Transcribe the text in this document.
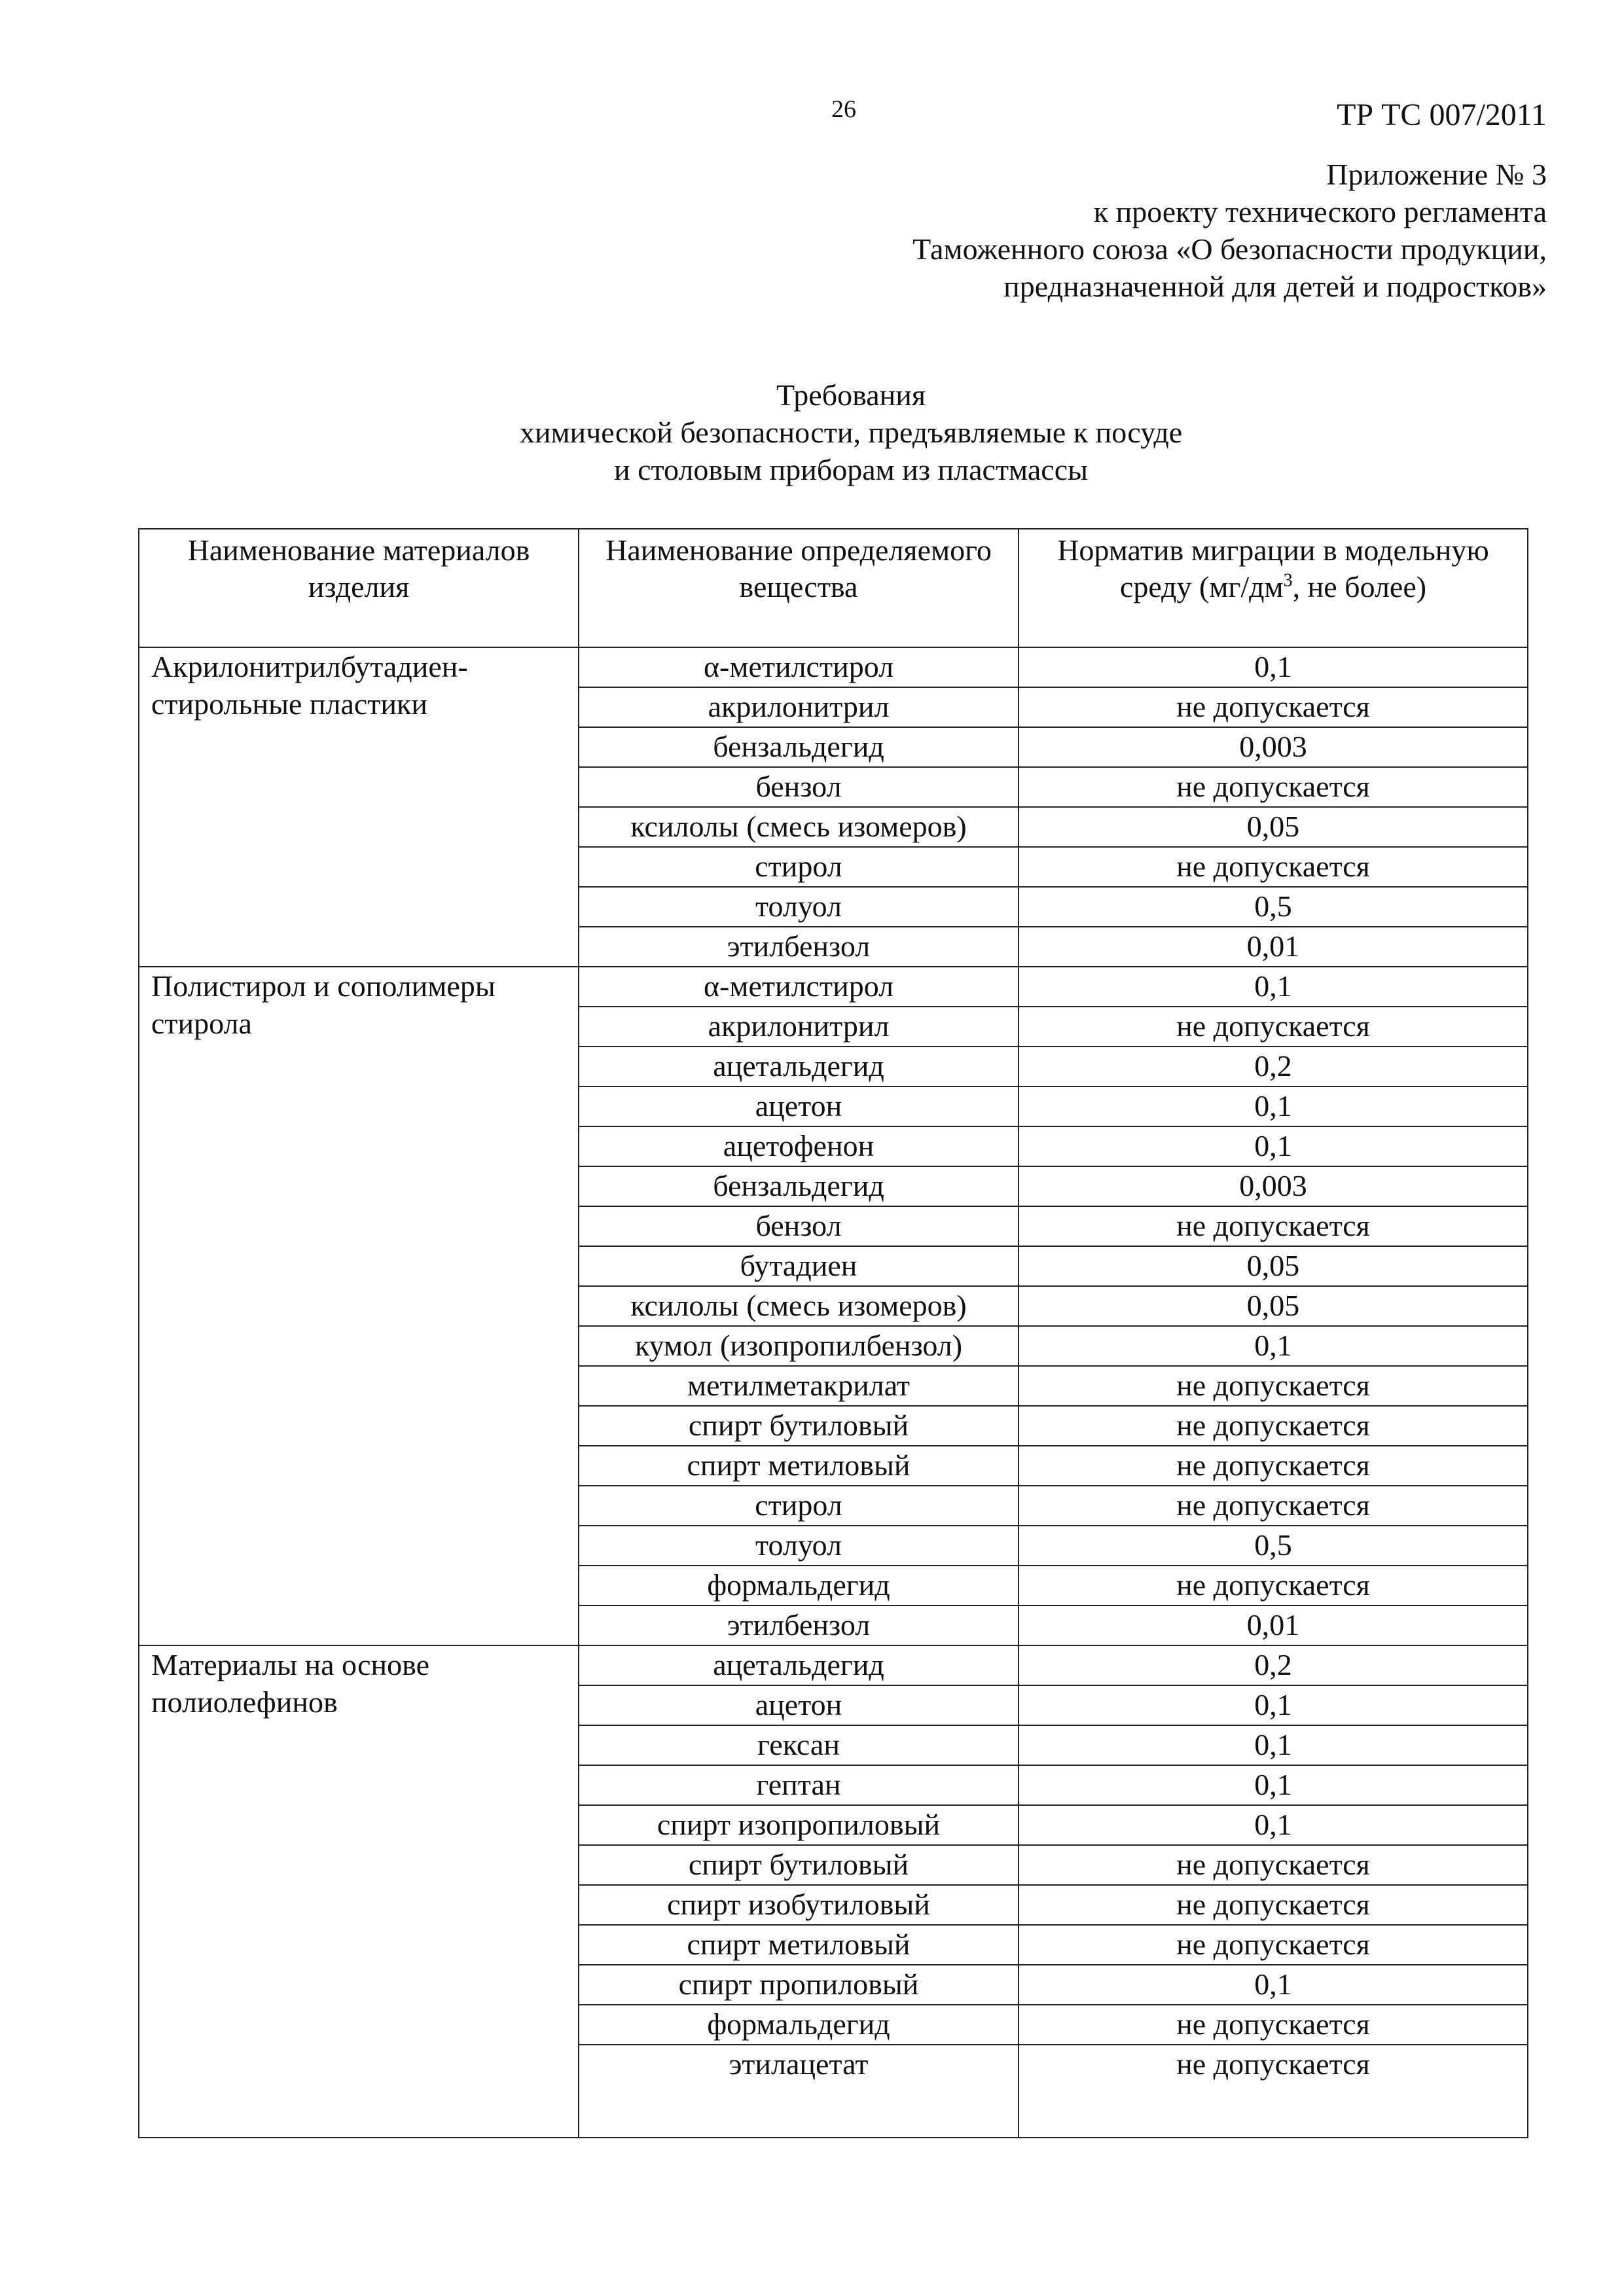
26	ТР ТС 007/2011
Приложение № 3
к проекту технического регламента
Таможенного союза «О безопасности продукции,
предназначенной для детей и подростков»
Требования
химической безопасности, предъявляемые к посуде
и столовым приборам из пластмассы
Наименование материалов изделия	Наименование определяемого вещества	Норматив миграции в модельную среду ($мг/дм^3$, не более)
Акрилонитрилбутадиен-стирольные пластики	α-метилстирол	0,1
	акрилонитрил	не допускается
	бензальдегид	0,003
	бензол	не допускается
	ксилолы (смесь изомеров)	0,05
	стирол	не допускается
	толуол	0,5
	этилбензол	0,01
Полистирол и сополимеры стирола	α-метилстирол	0,1
	акрилонитрил	не допускается
	ацетальдегид	0,2
	ацетон	0,1
	ацетофенон	0,1
	бензальдегид	0,003
	бензол	не допускается
	бутадиен	0,05
	ксилолы (смесь изомеров)	0,05
	кумол (изопропилбензол)	0,1
	метилметакрилат	не допускается
	спирт бутиловый	не допускается
	спирт метиловый	не допускается
	стирол	не допускается
	толуол	0,5
	формальдегид	не допускается
	этилбензол	0,01
Материалы на основе полиолефинов	ацетальдегид	0,2
	ацетон	0,1
	гексан	0,1
	гептан	0,1
	спирт изопропиловый	0,1
	спирт бутиловый	не допускается
	спирт изобутиловый	не допускается
	спирт метиловый	не допускается
	спирт пропиловый	0,1
	формальдегид	не допускается
	этилацетат	не допускается
